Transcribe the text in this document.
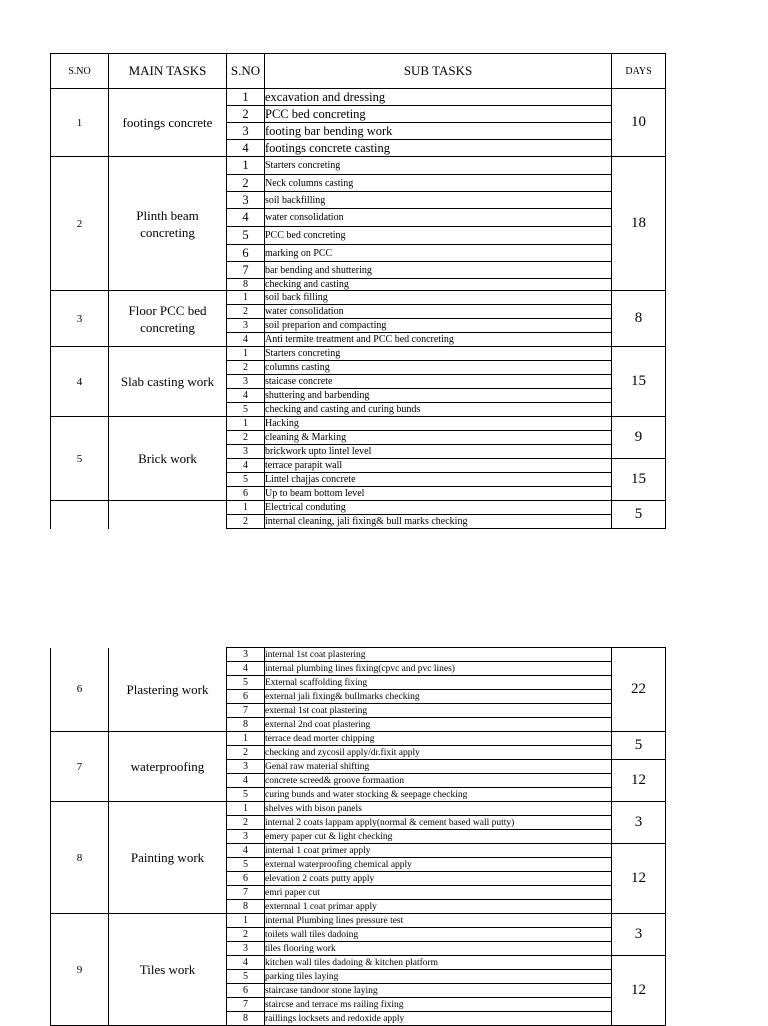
S.NO	MAIN TASKS	S.NO	SUB TASKS	DAYS
1	footings concrete	1	excavation and dressing	10
		2	PCC bed concreting	
		3	footing bar bending work	
		4	footings concrete casting	
2	Plinth beam concreting	1	Starters concreting	18
		2	Neck columns casting	
		3	soil backfilling	
		4	water consolidation	
		5	PCC bed concreting	
		6	marking on PCC	
		7	bar bending and shuttering	
		8	checking and casting	
3	Floor PCC bed concreting	1	soil back filling	8
		2	water consolidation	
		3	soil preparion and compacting	
		4	Anti termite treatment and PCC bed concreting	
4	Slab casting work	1	Starters concreting	15
		2	columns casting	
		3	staicase concrete	
		4	shuttering and barbending	
		5	checking and casting and curing bunds	
5	Brick work	1	Hacking	9
		2	cleaning & Marking	
		3	brickwork upto lintel level	
		4	terrace parapit wall	15
		5	Lintel chajjas concrete	
		6	Up to beam bottom level	
		1	Electrical conduting	5
		2	internal cleaning, jali fixing& bull marks checking	
6	Plastering work	3	internal 1st coat plastering	22
		4	internal plumbing lines fixing(cpvc and pvc lines)	
		5	External scaffolding fixing	
		6	external jali fixing& bullmarks checking	
		7	external 1st coat plastering	
		8	external 2nd coat plastering	
7	waterproofing	1	terrace dead morter chipping	5
		2	checking and zycosil apply/dr.fixit apply	
		3	Genal raw material shifting	12
		4	concrete screed& groove formaation	
		5	curing bunds and water stocking & seepage checking	
8	Painting work	1	shelves with bison panels	3
		2	internal 2 coats lappam apply(normal & cement based wall putty)	
		3	emery paper cut & light checking	
		4	internal 1 coat primer apply	12
		5	external waterproofing chemical apply	
		6	elevation 2 coats putty apply	
		7	emri paper cut	
		8	externnal 1 coat primar apply	
9	Tiles work	1	internal Plumbing lines pressure test	3
		2	toilets wall tiles dadoing	
		3	tiles flooring work	
		4	kitchen wall tiles dadoing & kitchen platform	12
		5	parking tiles laying	
		6	staircase tandoor stone laying	
		7	staircse and terrace ms railing fixing	
		8	raillings locksets and redoxide apply	
